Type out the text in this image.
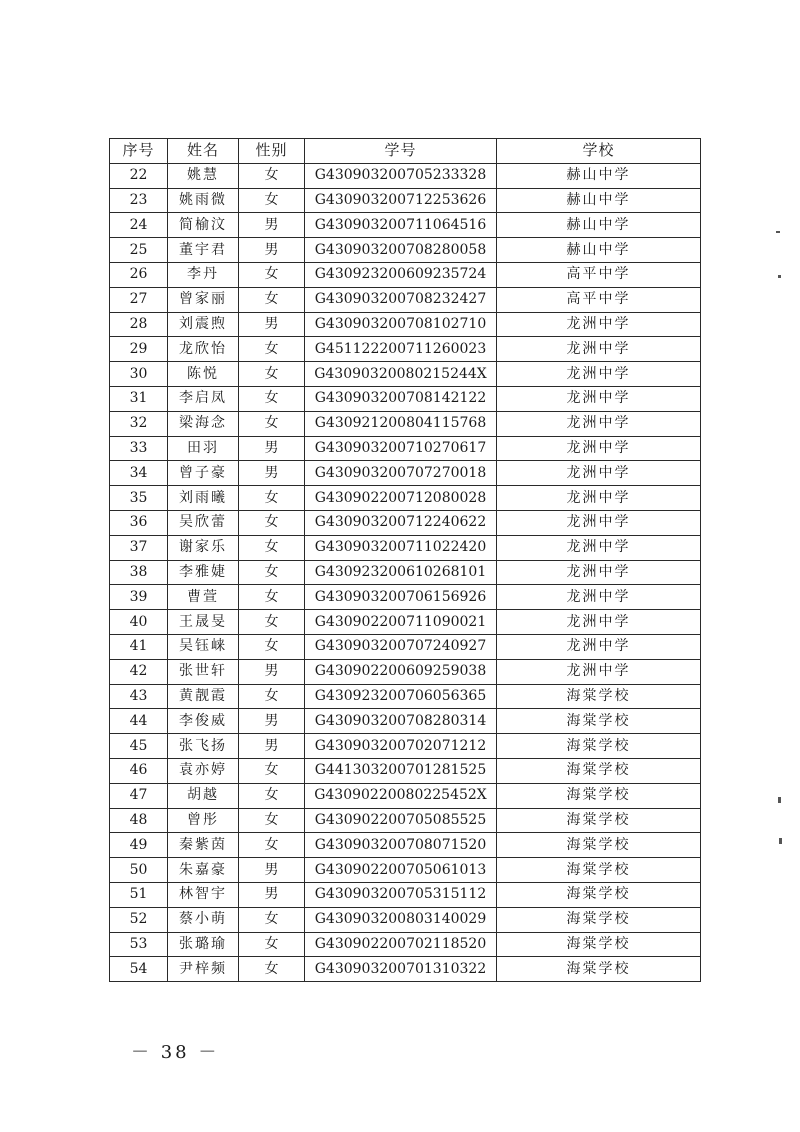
序号	姓名	性别	学号	学校
22	姚慧	女	G430903200705233328	赫山中学
23	姚雨微	女	G430903200712253626	赫山中学
24	简榆汶	男	G430903200711064516	赫山中学
25	董宇君	男	G430903200708280058	赫山中学
26	李丹	女	G430923200609235724	高平中学
27	曾家丽	女	G430903200708232427	高平中学
28	刘震煦	男	G430903200708102710	龙洲中学
29	龙欣怡	女	G451122200711260023	龙洲中学
30	陈悦	女	G43090320080215244X	龙洲中学
31	李启凤	女	G430903200708142122	龙洲中学
32	梁海念	女	G430921200804115768	龙洲中学
33	田羽	男	G430903200710270617	龙洲中学
34	曾子豪	男	G430903200707270018	龙洲中学
35	刘雨曦	女	G430902200712080028	龙洲中学
36	吴欣蕾	女	G430903200712240622	龙洲中学
37	谢家乐	女	G430903200711022420	龙洲中学
38	李雅婕	女	G430923200610268101	龙洲中学
39	曹萱	女	G430903200706156926	龙洲中学
40	王晟旻	女	G430902200711090021	龙洲中学
41	吴钰崃	女	G430903200707240927	龙洲中学
42	张世轩	男	G430902200609259038	龙洲中学
43	黄靓霞	女	G430923200706056365	海棠学校
44	李俊威	男	G430903200708280314	海棠学校
45	张飞扬	男	G430903200702071212	海棠学校
46	袁亦婷	女	G441303200701281525	海棠学校
47	胡越	女	G43090220080225452X	海棠学校
48	曾彤	女	G430902200705085525	海棠学校
49	秦紫茵	女	G430903200708071520	海棠学校
50	朱嘉豪	男	G430902200705061013	海棠学校
51	林智宇	男	G430903200705315112	海棠学校
52	蔡小萌	女	G430903200803140029	海棠学校
53	张璐瑜	女	G430902200702118520	海棠学校
54	尹梓频	女	G430903200701310322	海棠学校
－ 38 －
